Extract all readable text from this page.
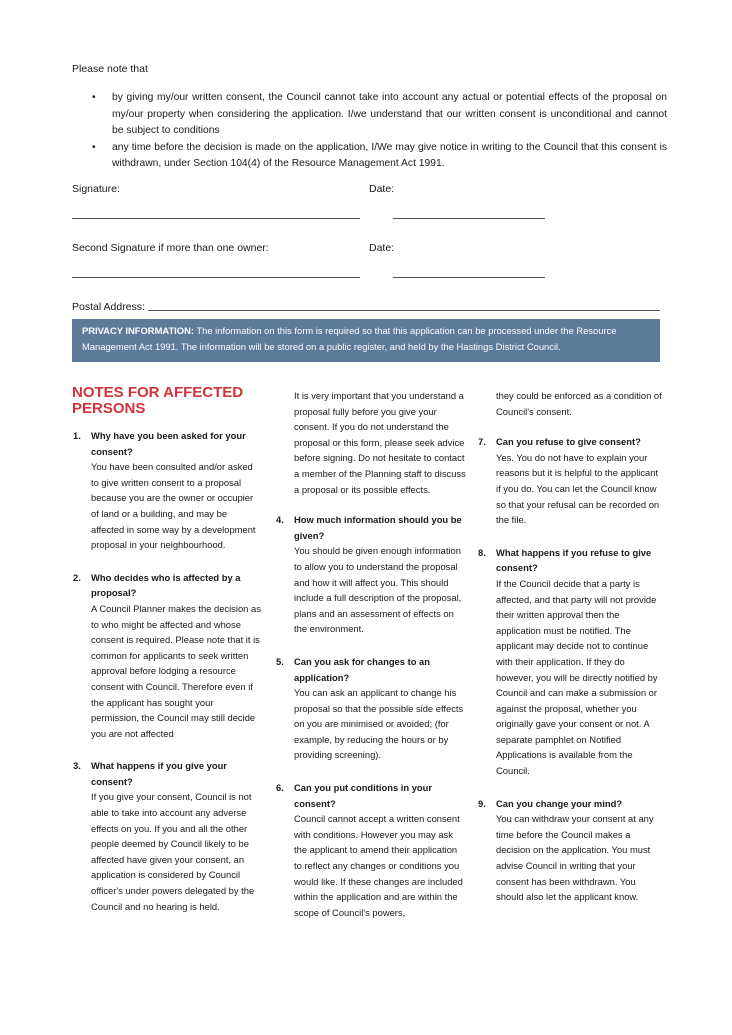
Please note that
• by giving my/our written consent, the Council cannot take into account any actual or potential effects of the proposal on my/our property when considering the application. I/we understand that our written consent is unconditional and cannot be subject to conditions
• any time before the decision is made on the application, I/We may give notice in writing to the Council that this consent is withdrawn, under Section 104(4) of the Resource Management Act 1991.
Signature:	Date:
Second Signature if more than one owner:	Date:
Postal Address:
PRIVACY INFORMATION: The information on this form is required so that this application can be processed under the Resource Management Act 1991. The information will be stored on a public register, and held by the Hastings District Council.
NOTES FOR AFFECTED PERSONS
1.	Why have you been asked for your consent?

You have been consulted and/or asked to give written consent to a proposal because you are the owner or occupier of land or a building, and may be affected in some way by a development proposal in your neighbourhood.

2.	Who decides who is affected by a proposal?

A Council Planner makes the decision as to who might be affected and whose consent is required. Please note that it is common for applicants to seek written approval before lodging a resource consent with Council. Therefore even if the applicant has sought your permission, the Council may still decide you are not affected

3.	What happens if you give your consent?

If you give your consent, Council is not able to take into account any adverse effects on you. If you and all the other people deemed by Council likely to be affected have given your consent, an application is considered by Council officer's under powers delegated by the Council and no hearing is held.

It is very important that you understand a proposal fully before you give your consent. If you do not understand the proposal or this form, please seek advice before signing. Do not hesitate to contact a member of the Planning staff to discuss a proposal or its possible effects.

4.	How much information should you be given?

You should be given enough information to allow you to understand the proposal and how it will affect you. This should include a full description of the proposal, plans and an assessment of effects on the environment.

5.	Can you ask for changes to an application?

You can ask an applicant to change his proposal so that the possible side effects on you are minimised or avoided; (for example, by reducing the hours or by providing screening).

6.	Can you put conditions in your consent?

Council cannot accept a written consent with conditions. However you may ask the applicant to amend their application to reflect any changes or conditions you would like. If these changes are included within the application and are within the scope of Council's powers,

they could be enforced as a condition of Council's consent.

7.	Can you refuse to give consent?

Yes. You do not have to explain your reasons but it is helpful to the applicant if you do. You can let the Council know so that your refusal can be recorded on the file.

8.	What happens if you refuse to give consent?

If the Council decide that a party is affected, and that party will not provide their written approval then the application must be notified. The applicant may decide not to continue with their application. If they do however, you will be directly notified by Council and can make a submission or against the proposal, whether you originally gave your consent or not. A separate pamphlet on Notified Applications is available from the Council.

9.	Can you change your mind?

You can withdraw your consent at any time before the Council makes a decision on the application. You must advise Council in writing that your consent has been withdrawn. You should also let the applicant know.
